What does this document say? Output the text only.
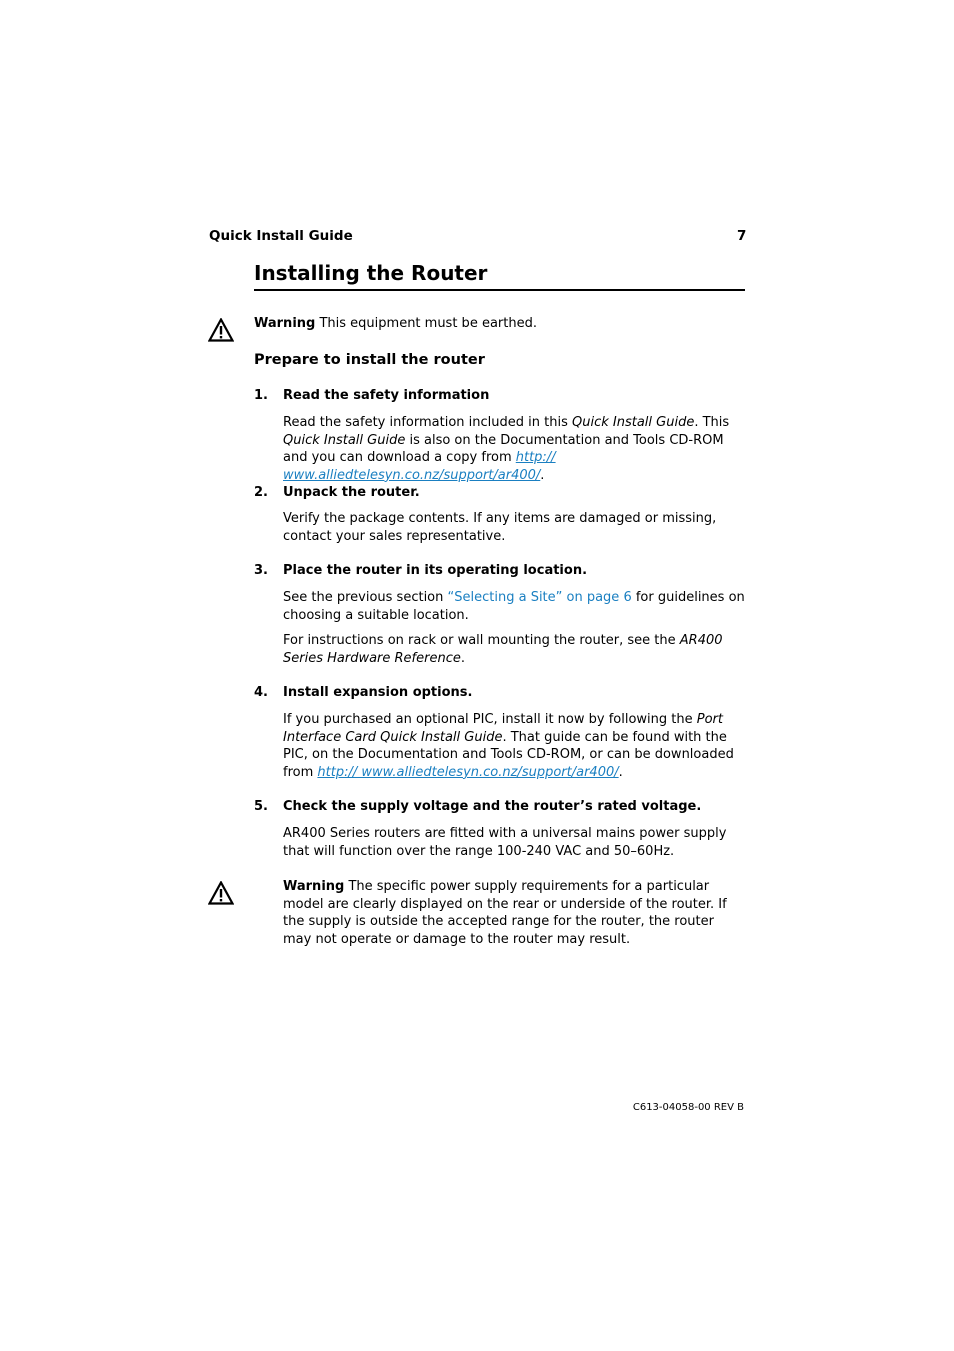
Quick Install Guide	7
Installing the Router
Warning This equipment must be earthed.
Prepare to install the router
1. Read the safety information
Read the safety information included in this Quick Install Guide. This Quick Install Guide is also on the Documentation and Tools CD-ROM and you can download a copy from http:// www.alliedtelesyn.co.nz/support/ar400/.
2. Unpack the router.
Verify the package contents. If any items are damaged or missing, contact your sales representative.
3. Place the router in its operating location.
See the previous section “Selecting a Site” on page 6 for guidelines on choosing a suitable location.
For instructions on rack or wall mounting the router, see the AR400 Series Hardware Reference.
4. Install expansion options.
If you purchased an optional PIC, install it now by following the Port Interface Card Quick Install Guide. That guide can be found with the PIC, on the Documentation and Tools CD-ROM, or can be downloaded from http:// www.alliedtelesyn.co.nz/support/ar400/.
5. Check the supply voltage and the router’s rated voltage.
AR400 Series routers are fitted with a universal mains power supply that will function over the range 100-240 VAC and 50–60Hz.
Warning The specific power supply requirements for a particular model are clearly displayed on the rear or underside of the router. If the supply is outside the accepted range for the router, the router may not operate or damage to the router may result.
C613-04058-00 REV B
